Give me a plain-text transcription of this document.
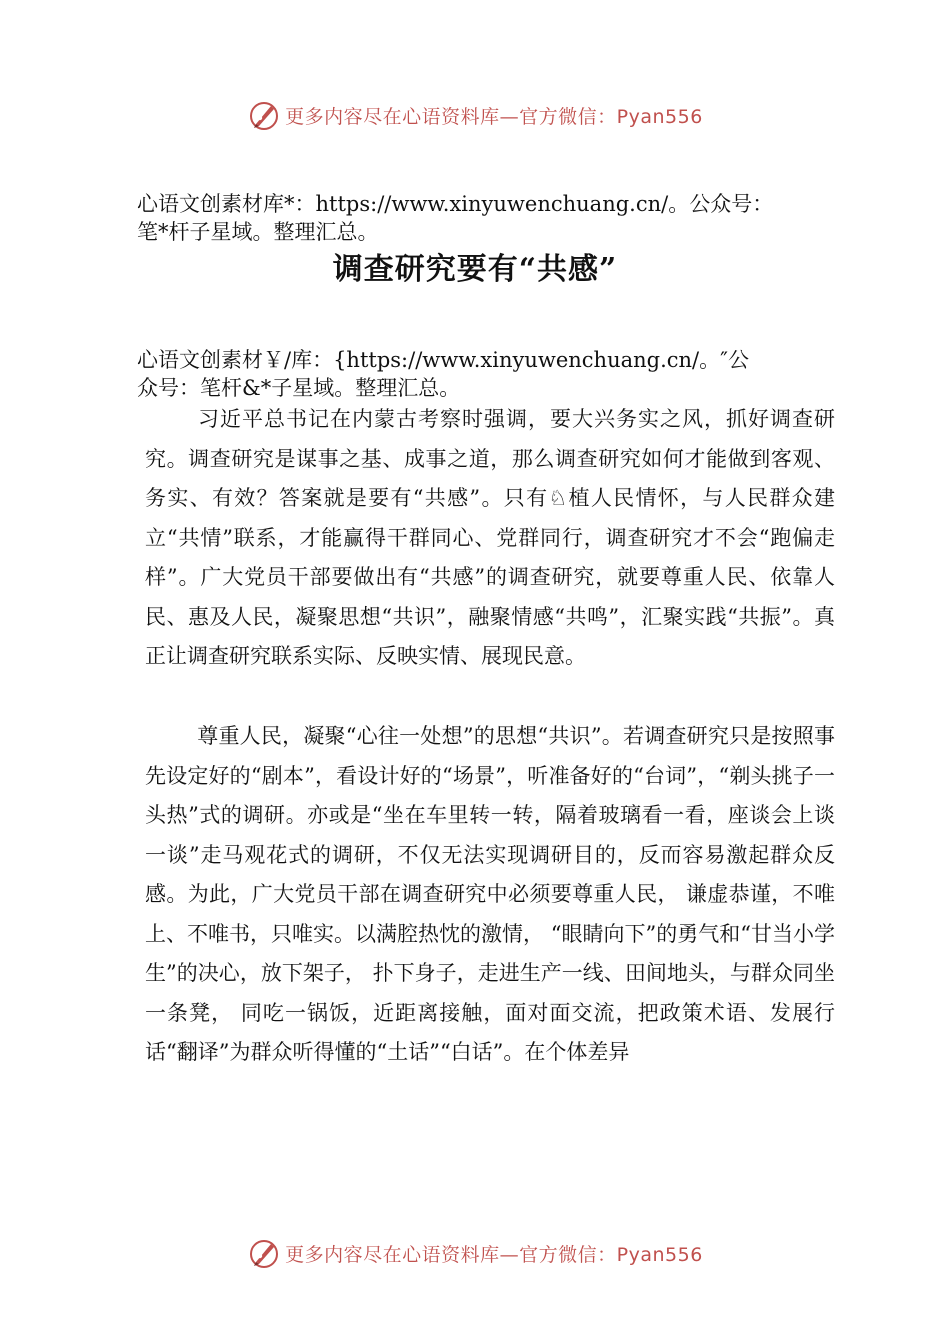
更多内容尽在心语资料库—官方微信：Pyan556
心语文创素材库*：https://www.xinyuwenchuang.cn/。公众号：
笔*杆子星域。整理汇总。
调查研究要有“共感”
心语文创素材￥/库：{https://www.xinyuwenchuang.cn/。″公
众号：笔杆&*子星域。整理汇总。
习近平总书记在内蒙古考察时强调，要大兴务实之风，抓好调查研究。调查研究是谋事之基、成事之道，那么调查研究如何才能做到客观、务实、有效？答案就是要有“共感”。只有♘植人民情怀，与人民群众建立“共情”联系，才能赢得干群同心、党群同行，调查研究才不会“跑偏走样”。广大党员干部要做出有“共感”的调查研究，就要尊重人民、依靠人民、惠及人民，凝聚思想“共识”，融聚情感“共鸣”，汇聚实践“共振”。真正让调查研究联系实际、反映实情、展现民意。
尊重人民，凝聚“心往一处想”的思想“共识”。若调查研究只是按照事先设定好的“剧本”，看设计好的“场景”，听准备好的“台词”，“剃头挑子一头热”式的调研。亦或是“坐在车里转一转，隔着玻璃看一看，座谈会上谈一谈”走马观花式的调研，不仅无法实现调研目的，反而容易激起群众反感。为此，广大党员干部在调查研究中必须要尊重人民， 谦虚恭谨，不唯上、不唯书，只唯实。以满腔热忱的激情， “眼睛向下”的勇气和“甘当小学生”的决心，放下架子， 扑下身子，走进生产一线、田间地头，与群众同坐一条凳， 同吃一锅饭，近距离接触，面对面交流，把政策术语、发展行话“翻译”为群众听得懂的“土话”“白话”。在个体差异
更多内容尽在心语资料库—官方微信：Pyan556
